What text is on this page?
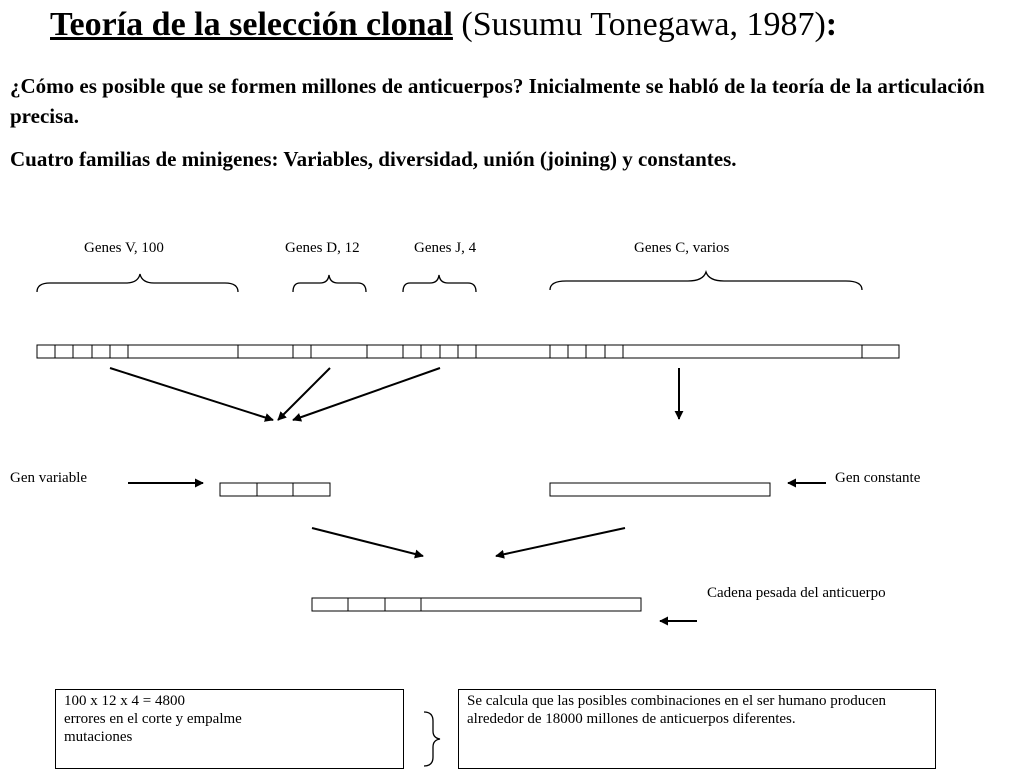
Teoría de la selección clonal (Susumu Tonegawa, 1987):
¿Cómo es posible que se formen millones de anticuerpos? Inicialmente se habló de la teoría de la articulación precisa.
Cuatro familias de minigenes: Variables, diversidad, unión (joining) y constantes.
Genes V, 100	Genes D, 12	Genes J, 4	Genes C, varios
Gen variable	Gen constante
Cadena pesada del anticuerpo
100 x 12 x 4 = 4800
errores en el corte y empalme
mutaciones
Se calcula que las posibles combinaciones en el ser humano producen alrededor de 18000 millones de anticuerpos diferentes.
